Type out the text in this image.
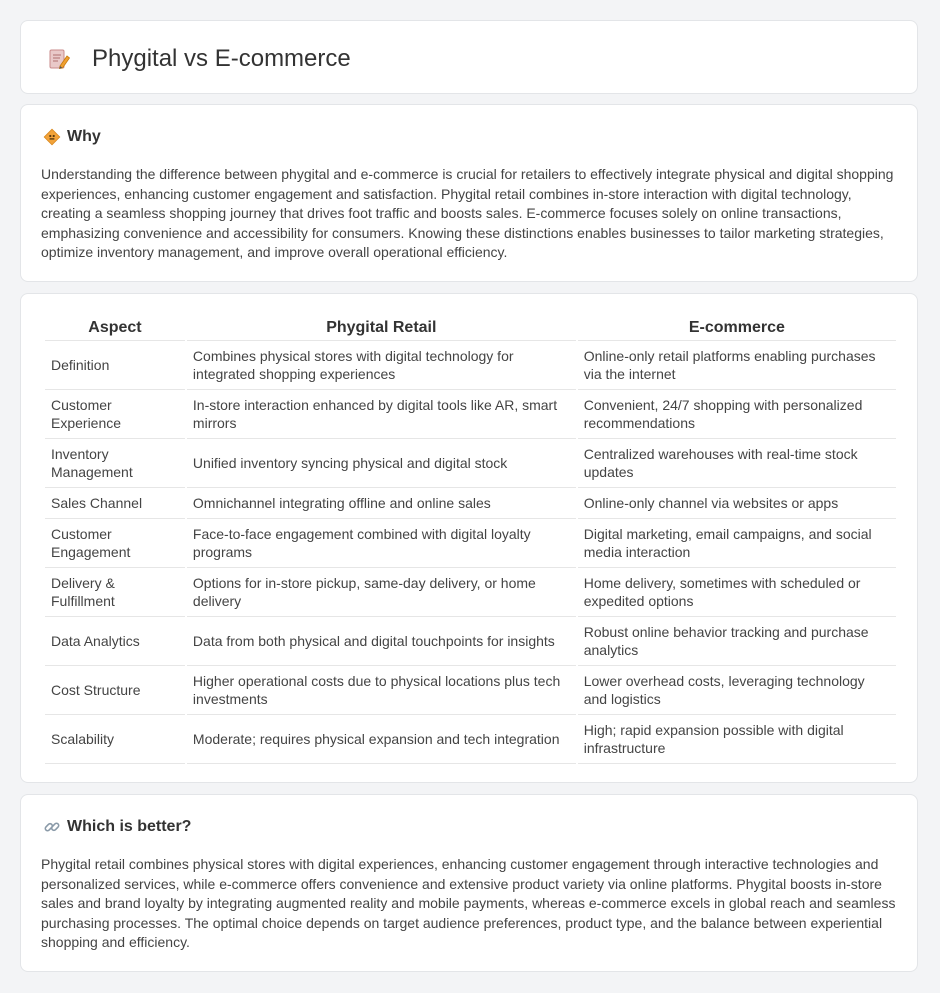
Phygital vs E-commerce
Why

Understanding the difference between phygital and e-commerce is crucial for retailers to effectively integrate physical and digital shopping experiences, enhancing customer engagement and satisfaction. Phygital retail combines in-store interaction with digital technology, creating a seamless shopping journey that drives foot traffic and boosts sales. E-commerce focuses solely on online transactions, emphasizing convenience and accessibility for consumers. Knowing these distinctions enables businesses to tailor marketing strategies, optimize inventory management, and improve overall operational efficiency.

Aspect	Phygital Retail	E-commerce
Definition	Combines physical stores with digital technology for integrated shopping experiences	Online-only retail platforms enabling purchases via the internet
Customer Experience	In-store interaction enhanced by digital tools like AR, smart mirrors	Convenient, 24/7 shopping with personalized recommendations
Inventory Management	Unified inventory syncing physical and digital stock	Centralized warehouses with real-time stock updates
Sales Channel	Omnichannel integrating offline and online sales	Online-only channel via websites or apps
Customer Engagement	Face-to-face engagement combined with digital loyalty programs	Digital marketing, email campaigns, and social media interaction
Delivery & Fulfillment	Options for in-store pickup, same-day delivery, or home delivery	Home delivery, sometimes with scheduled or expedited options
Data Analytics	Data from both physical and digital touchpoints for insights	Robust online behavior tracking and purchase analytics
Cost Structure	Higher operational costs due to physical locations plus tech investments	Lower overhead costs, leveraging technology and logistics
Scalability	Moderate; requires physical expansion and tech integration	High; rapid expansion possible with digital infrastructure
Which is better?

Phygital retail combines physical stores with digital experiences, enhancing customer engagement through interactive technologies and personalized services, while e-commerce offers convenience and extensive product variety via online platforms. Phygital boosts in-store sales and brand loyalty by integrating augmented reality and mobile payments, whereas e-commerce excels in global reach and seamless purchasing processes. The optimal choice depends on target audience preferences, product type, and the balance between experiential shopping and efficiency.
